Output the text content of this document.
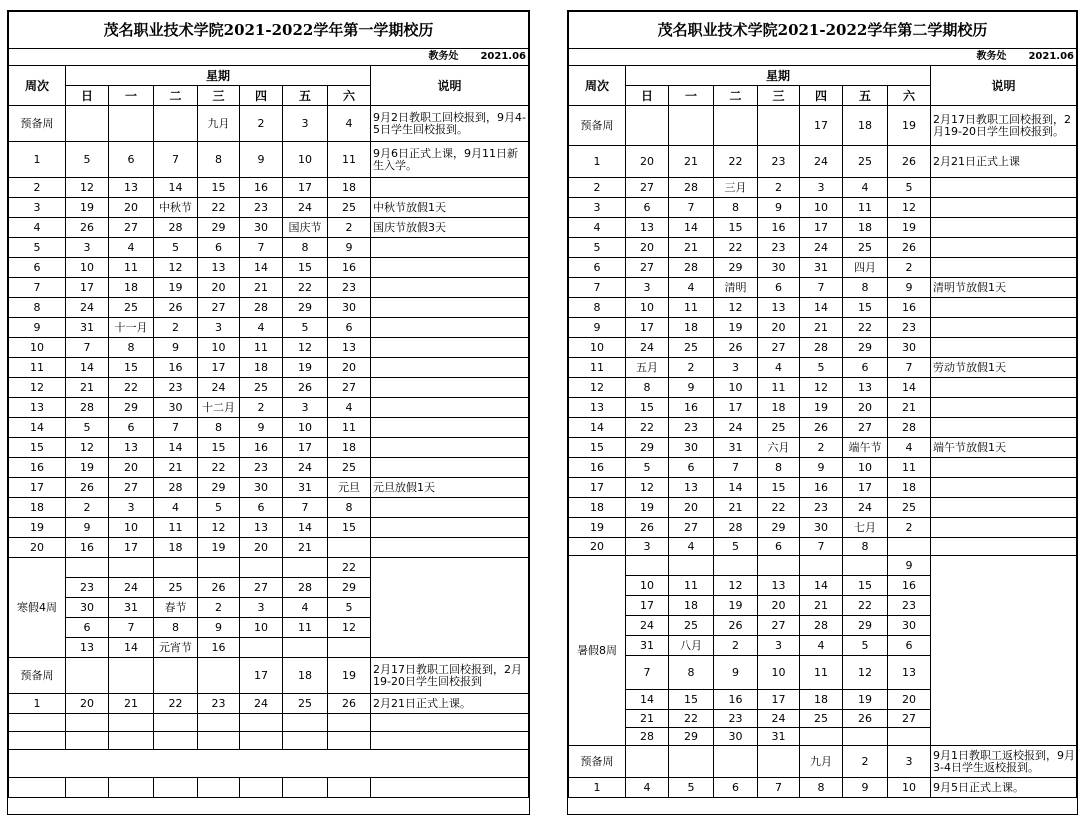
茂名职业技术学院2021-2022学年第一学期校历								
教务处 2021.06								
周次	星期							说明
	日	一	二	三	四	五	六	
预备周				九月	2	3	4	9月2日教职工回校报到，9月4-5日学生回校报到。
1	5	6	7	8	9	10	11	9月6日正式上课，9月11日新生入学。
2	12	13	14	15	16	17	18	
3	19	20	中秋节	22	23	24	25	中秋节放假1天
4	26	27	28	29	30	国庆节	2	国庆节放假3天
5	3	4	5	6	7	8	9	
6	10	11	12	13	14	15	16	
7	17	18	19	20	21	22	23	
8	24	25	26	27	28	29	30	
9	31	十一月	2	3	4	5	6	
10	7	8	9	10	11	12	13	
11	14	15	16	17	18	19	20	
12	21	22	23	24	25	26	27	
13	28	29	30	十二月	2	3	4	
14	5	6	7	8	9	10	11	
15	12	13	14	15	16	17	18	
16	19	20	21	22	23	24	25	
17	26	27	28	29	30	31	元旦	元旦放假1天
18	2	3	4	5	6	7	8	
19	9	10	11	12	13	14	15	
20	16	17	18	19	20	21		
寒假4周							22	
	23	24	25	26	27	28	29	
	30	31	春节	2	3	4	5	
	6	7	8	9	10	11	12	
	13	14	元宵节	16				
预备周					17	18	19	2月17日教职工回校报到，2月19-20日学生回校报到
1	20	21	22	23	24	25	26	2月21日正式上课。

茂名职业技术学院2021-2022学年第二学期校历								
教务处 2021.06								
周次	星期							说明
	日	一	二	三	四	五	六	
预备周					17	18	19	2月17日教职工回校报到，2月19-20日学生回校报到。
1	20	21	22	23	24	25	26	2月21日正式上课
2	27	28	三月	2	3	4	5	
3	6	7	8	9	10	11	12	
4	13	14	15	16	17	18	19	
5	20	21	22	23	24	25	26	
6	27	28	29	30	31	四月	2	
7	3	4	清明	6	7	8	9	清明节放假1天
8	10	11	12	13	14	15	16	
9	17	18	19	20	21	22	23	
10	24	25	26	27	28	29	30	
11	五月	2	3	4	5	6	7	劳动节放假1天
12	8	9	10	11	12	13	14	
13	15	16	17	18	19	20	21	
14	22	23	24	25	26	27	28	
15	29	30	31	六月	2	端午节	4	端午节放假1天
16	5	6	7	8	9	10	11	
17	12	13	14	15	16	17	18	
18	19	20	21	22	23	24	25	
19	26	27	28	29	30	七月	2	
20	3	4	5	6	7	8		
暑假8周							9	
	10	11	12	13	14	15	16	
	17	18	19	20	21	22	23	
	24	25	26	27	28	29	30	
	31	八月	2	3	4	5	6	
	7	8	9	10	11	12	13	
	14	15	16	17	18	19	20	
	21	22	23	24	25	26	27	
	28	29	30	31				
预备周					九月	2	3	9月1日教职工返校报到，9月3-4日学生返校报到。
1	4	5	6	7	8	9	10	9月5日正式上课。
